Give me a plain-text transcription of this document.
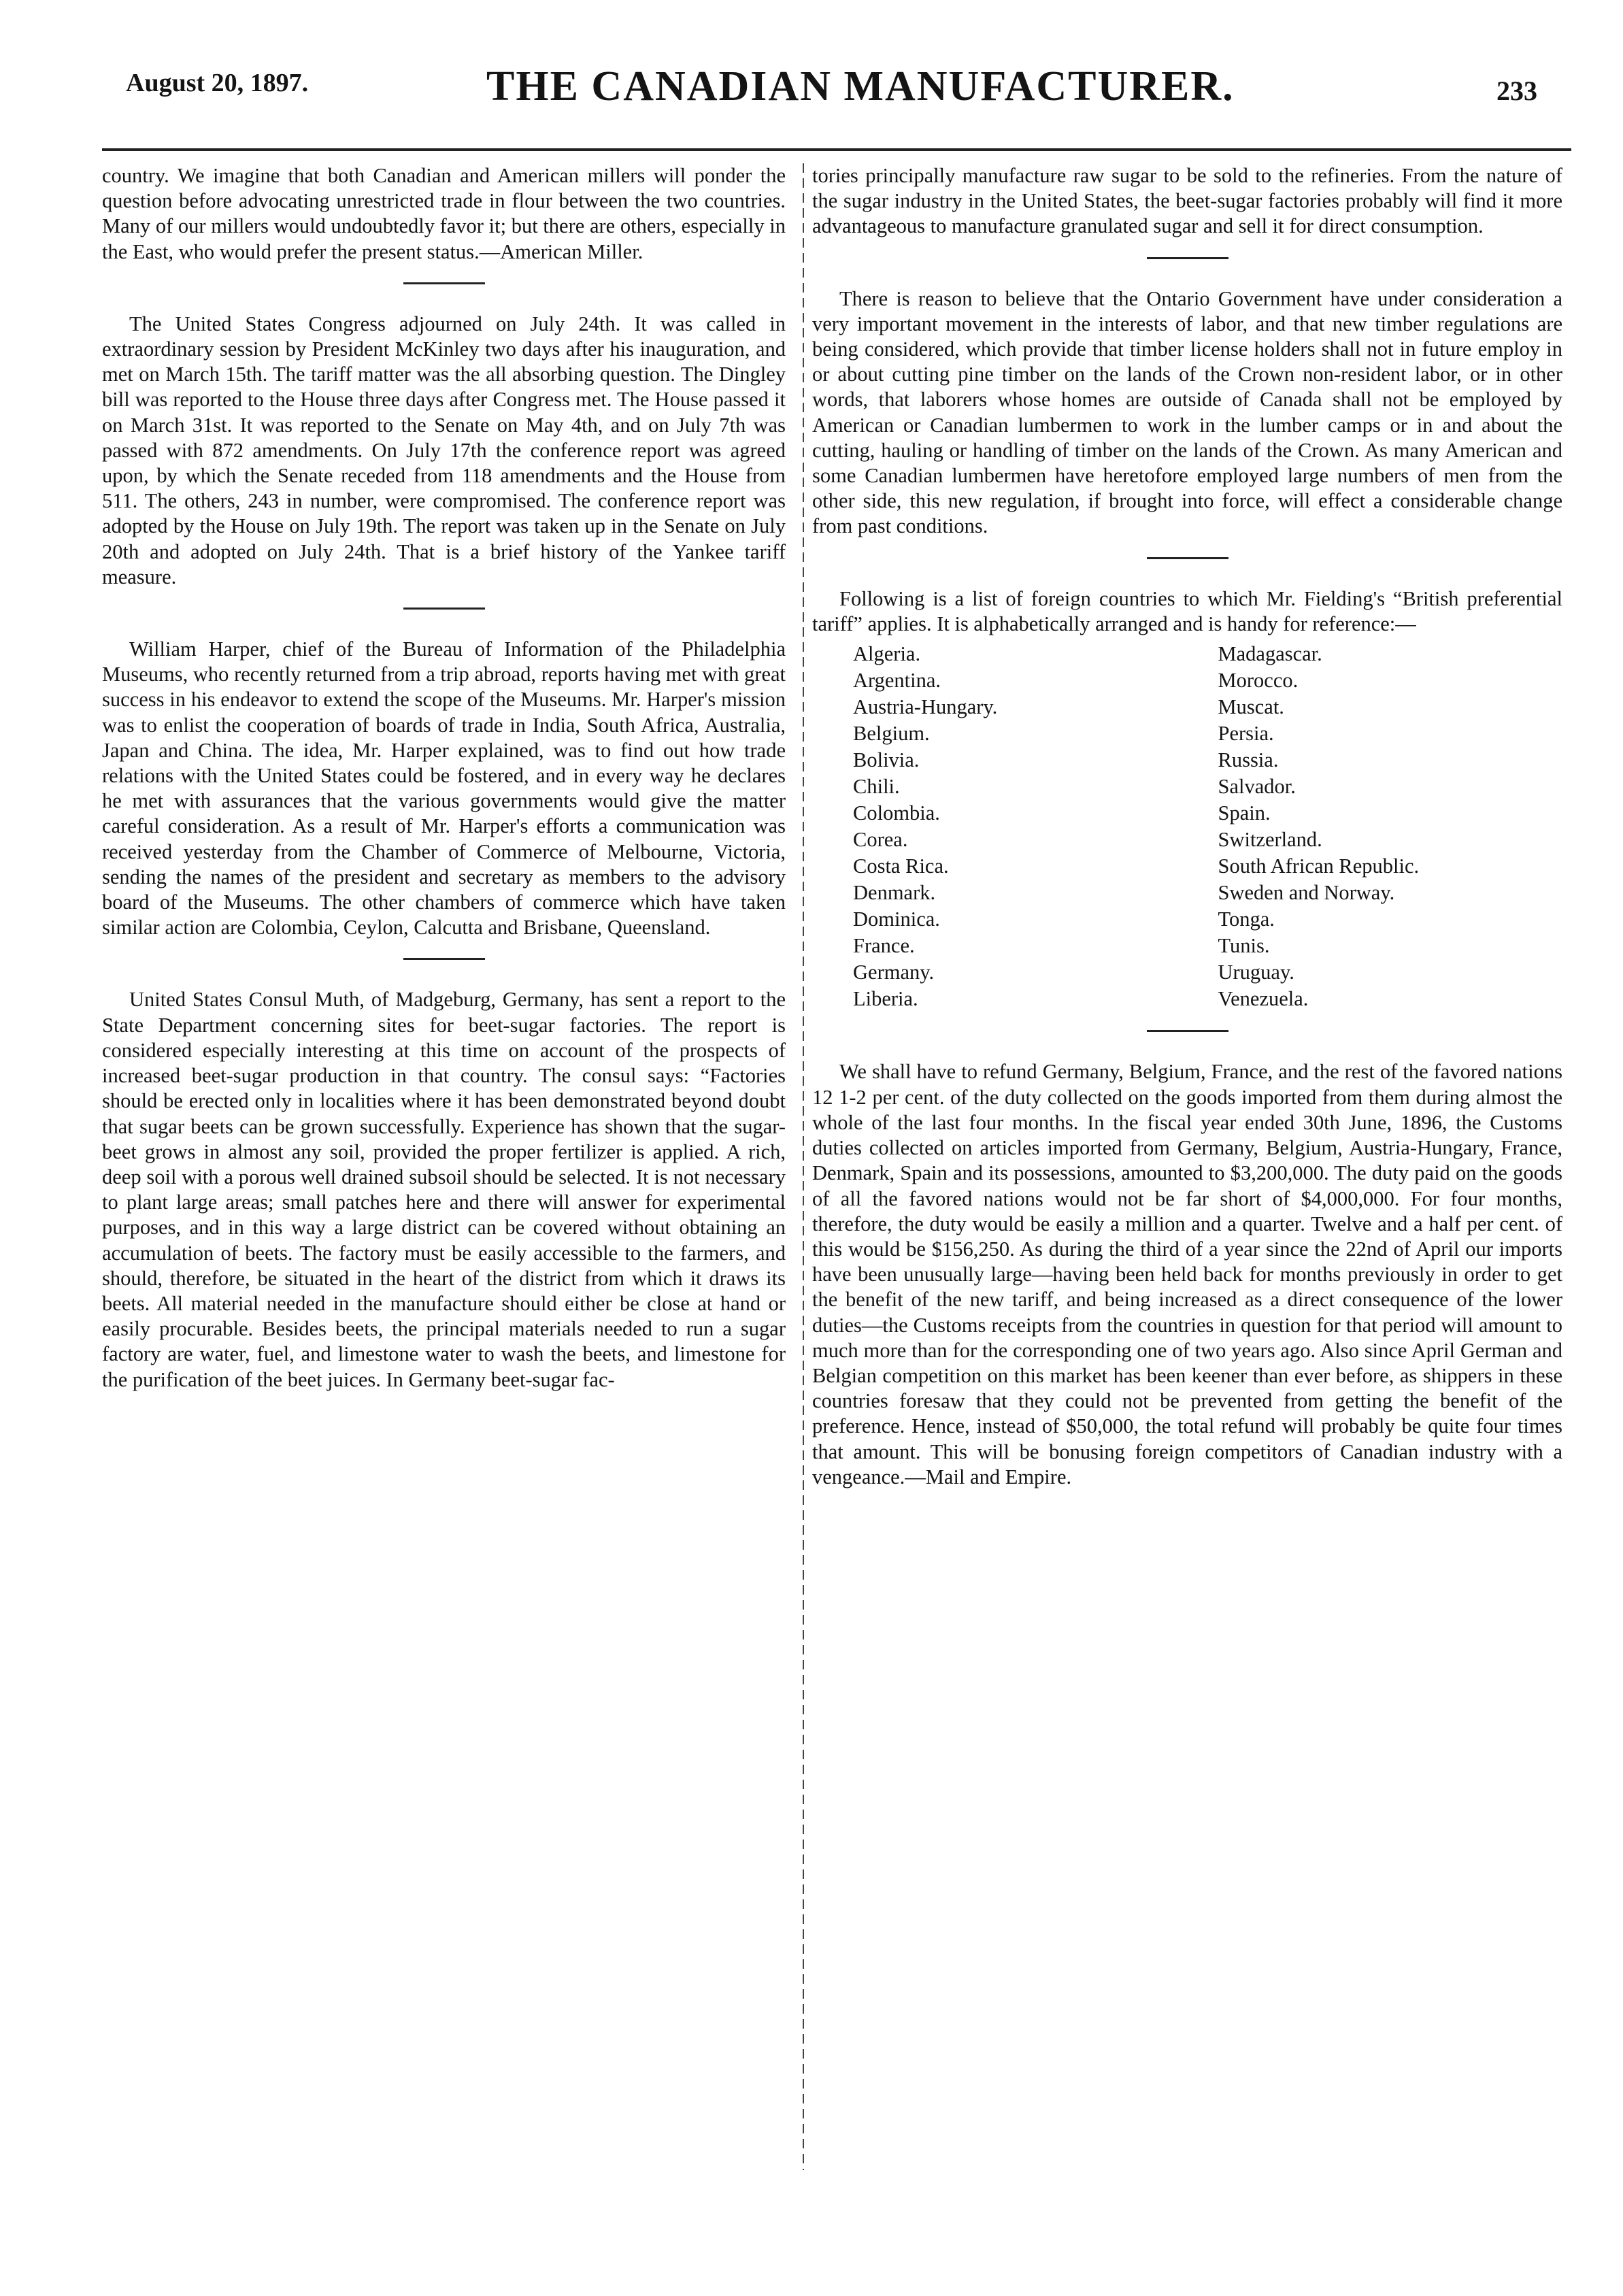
August 20, 1897.	THE CANADIAN MANUFACTURER.	233

country. We imagine that both Canadian and American millers will ponder the question before advocating unrestricted trade in flour between the two countries. Many of our millers would undoubtedly favor it; but there are others, especially in the East, who would prefer the present status.—American Miller.

The United States Congress adjourned on July 24th. It was called in extraordinary session by President McKinley two days after his inauguration, and met on March 15th. The tariff matter was the all absorbing question. The Dingley bill was reported to the House three days after Congress met. The House passed it on March 31st. It was reported to the Senate on May 4th, and on July 7th was passed with 872 amendments. On July 17th the conference report was agreed upon, by which the Senate receded from 118 amendments and the House from 511. The others, 243 in number, were compromised. The conference report was adopted by the House on July 19th. The report was taken up in the Senate on July 20th and adopted on July 24th. That is a brief history of the Yankee tariff measure.

William Harper, chief of the Bureau of Information of the Philadelphia Museums, who recently returned from a trip abroad, reports having met with great success in his endeavor to extend the scope of the Museums. Mr. Harper's mission was to enlist the cooperation of boards of trade in India, South Africa, Australia, Japan and China. The idea, Mr. Harper explained, was to find out how trade relations with the United States could be fostered, and in every way he declares he met with assurances that the various governments would give the matter careful consideration. As a result of Mr. Harper's efforts a communication was received yesterday from the Chamber of Commerce of Melbourne, Victoria, sending the names of the president and secretary as members to the advisory board of the Museums. The other chambers of commerce which have taken similar action are Colombia, Ceylon, Calcutta and Brisbane, Queensland.

United States Consul Muth, of Madgeburg, Germany, has sent a report to the State Department concerning sites for beet-sugar factories. The report is considered especially interesting at this time on account of the prospects of increased beet-sugar production in that country. The consul says: “Factories should be erected only in localities where it has been demonstrated beyond doubt that sugar beets can be grown successfully. Experience has shown that the sugar-beet grows in almost any soil, provided the proper fertilizer is applied. A rich, deep soil with a porous well drained subsoil should be selected. It is not necessary to plant large areas; small patches here and there will answer for experimental purposes, and in this way a large district can be covered without obtaining an accumulation of beets. The factory must be easily accessible to the farmers, and should, therefore, be situated in the heart of the district from which it draws its beets. All material needed in the manufacture should either be close at hand or easily procurable. Besides beets, the principal materials needed to run a sugar factory are water, fuel, and limestone water to wash the beets, and limestone for the purification of the beet juices. In Germany beet-sugar fac-

tories principally manufacture raw sugar to be sold to the refineries. From the nature of the sugar industry in the United States, the beet-sugar factories probably will find it more advantageous to manufacture granulated sugar and sell it for direct consumption.

There is reason to believe that the Ontario Government have under consideration a very important movement in the interests of labor, and that new timber regulations are being considered, which provide that timber license holders shall not in future employ in or about cutting pine timber on the lands of the Crown non-resident labor, or in other words, that laborers whose homes are outside of Canada shall not be employed by American or Canadian lumbermen to work in the lumber camps or in and about the cutting, hauling or handling of timber on the lands of the Crown. As many American and some Canadian lumbermen have heretofore employed large numbers of men from the other side, this new regulation, if brought into force, will effect a considerable change from past conditions.

Following is a list of foreign countries to which Mr. Fielding's “British preferential tariff” applies. It is alphabetically arranged and is handy for reference:—

Algeria.
Argentina.
Austria-Hungary.
Belgium.
Bolivia.
Chili.
Colombia.
Corea.
Costa Rica.
Denmark.
Dominica.
France.
Germany.
Liberia.
Madagascar.
Morocco.
Muscat.
Persia.
Russia.
Salvador.
Spain.
Switzerland.
South African Republic.
Sweden and Norway.
Tonga.
Tunis.
Uruguay.
Venezuela.

We shall have to refund Germany, Belgium, France, and the rest of the favored nations 12 1-2 per cent. of the duty collected on the goods imported from them during almost the whole of the last four months. In the fiscal year ended 30th June, 1896, the Customs duties collected on articles imported from Germany, Belgium, Austria-Hungary, France, Denmark, Spain and its possessions, amounted to $3,200,000. The duty paid on the goods of all the favored nations would not be far short of $4,000,000. For four months, therefore, the duty would be easily a million and a quarter. Twelve and a half per cent. of this would be $156,250. As during the third of a year since the 22nd of April our imports have been unusually large—having been held back for months previously in order to get the benefit of the new tariff, and being increased as a direct consequence of the lower duties—the Customs receipts from the countries in question for that period will amount to much more than for the corresponding one of two years ago. Also since April German and Belgian competition on this market has been keener than ever before, as shippers in these countries foresaw that they could not be prevented from getting the benefit of the preference. Hence, instead of $50,000, the total refund will probably be quite four times that amount. This will be bonusing foreign competitors of Canadian industry with a vengeance.—Mail and Empire.
